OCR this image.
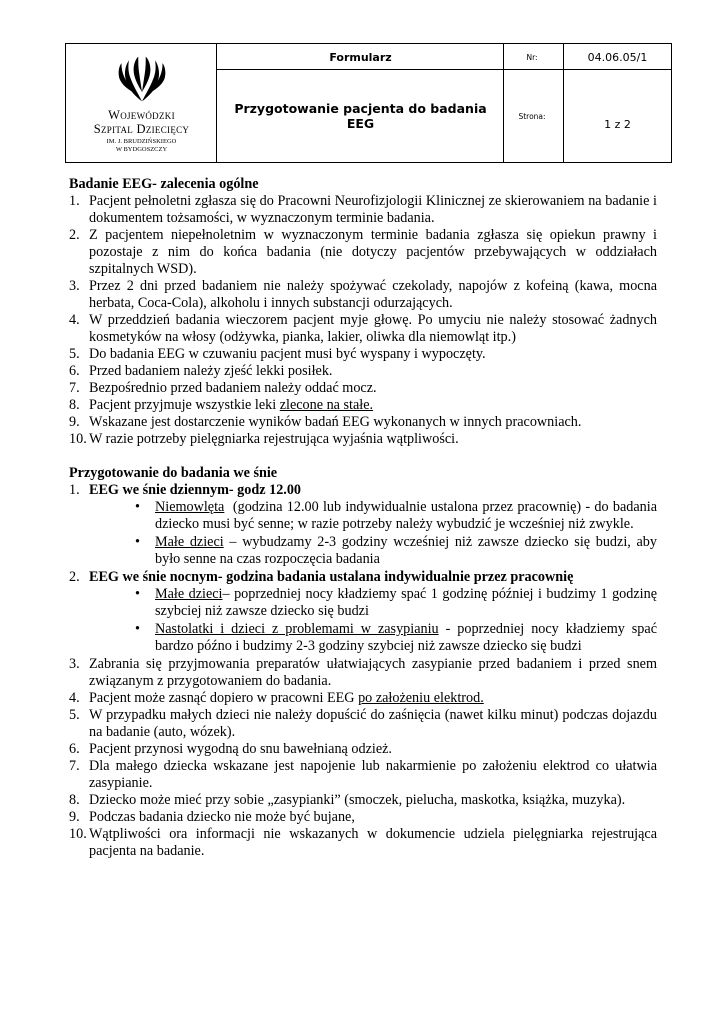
Wojewódzki
Szpital Dziecięcy
IM. J. BRUDZIŃSKIEGO
W BYDGOSZCZY
Formularz
Przygotowanie pacjenta do badania
EEG
Nr:	04.06.05/1
Strona:
1 z 2

Badanie EEG- zalecenia ogólne

1. Pacjent pełnoletni zgłasza się do Pracowni Neurofizjologii Klinicznej ze skierowaniem na badanie i dokumentem tożsamości, w wyznaczonym terminie badania.
2. Z pacjentem niepełnoletnim w wyznaczonym terminie badania zgłasza się opiekun prawny i pozostaje z nim do końca badania (nie dotyczy pacjentów przebywających w oddziałach szpitalnych WSD).
3. Przez 2 dni przed badaniem nie należy spożywać czekolady, napojów z kofeiną (kawa, mocna herbata, Coca-Cola), alkoholu i innych substancji odurzających.
4. W przeddzień badania wieczorem pacjent myje głowę. Po umyciu nie należy stosować żadnych kosmetyków na włosy (odżywka, pianka, lakier, oliwka dla niemowląt itp.)
5. Do badania EEG w czuwaniu pacjent musi być wyspany i wypoczęty.
6. Przed badaniem należy zjeść lekki posiłek.
7. Bezpośrednio przed badaniem należy oddać mocz.
8. Pacjent przyjmuje wszystkie leki zlecone na stałe.
9. Wskazane jest dostarczenie wyników badań EEG wykonanych w innych pracowniach.
10. W razie potrzeby pielęgniarka rejestrująca wyjaśnia wątpliwości.

Przygotowanie do badania we śnie

1. EEG we śnie dziennym- godz 12.00
• Niemowlęta  (godzina 12.00 lub indywidualnie ustalona przez pracownię) - do badania dziecko musi być senne; w razie potrzeby należy wybudzić je wcześniej niż zwykle.
• Małe dzieci – wybudzamy 2-3 godziny wcześniej niż zawsze dziecko się budzi, aby było senne na czas rozpoczęcia badania
2. EEG we śnie nocnym- godzina badania ustalana indywidualnie przez pracownię
• Małe dzieci– poprzedniej nocy kładziemy spać 1 godzinę później i budzimy 1 godzinę szybciej niż zawsze dziecko się budzi
• Nastolatki i dzieci z problemami w zasypianiu - poprzedniej nocy kładziemy spać bardzo późno i budzimy 2-3 godziny szybciej niż zawsze dziecko się budzi
3. Zabrania się przyjmowania preparatów ułatwiających zasypianie przed badaniem i przed snem związanym z przygotowaniem do badania.
4. Pacjent może zasnąć dopiero w pracowni EEG po założeniu elektrod.
5. W przypadku małych dzieci nie należy dopuścić do zaśnięcia (nawet kilku minut) podczas dojazdu na badanie (auto, wózek).
6. Pacjent przynosi wygodną do snu bawełnianą odzież.
7. Dla małego dziecka wskazane jest napojenie lub nakarmienie po założeniu elektrod co ułatwia zasypianie.
8. Dziecko może mieć przy sobie „zasypianki” (smoczek, pielucha, maskotka, książka, muzyka).
9. Podczas badania dziecko nie może być bujane,
10. Wątpliwości ora informacji nie wskazanych w dokumencie udziela pielęgniarka rejestrująca pacjenta na badanie.
